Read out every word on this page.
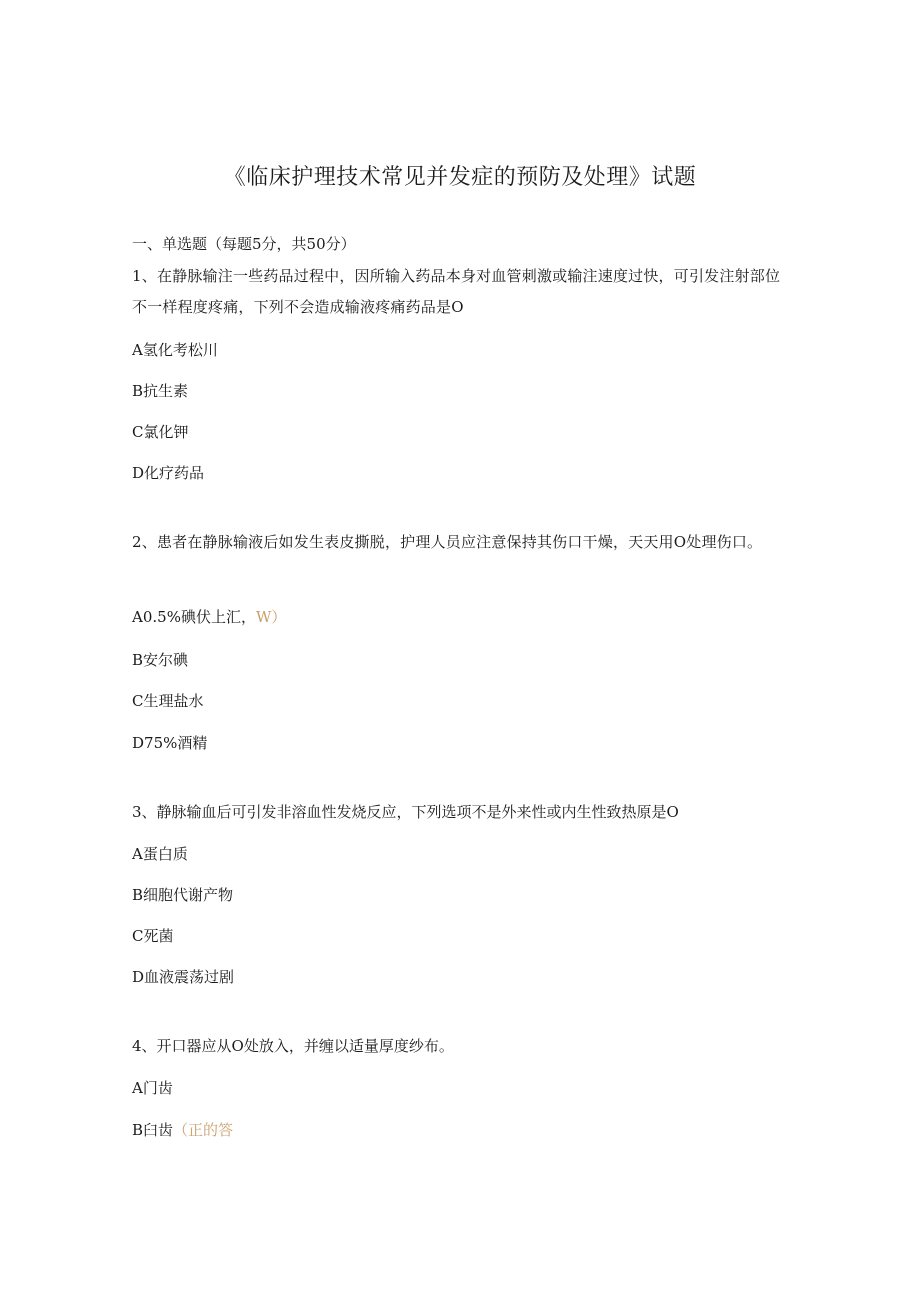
《临床护理技术常见并发症的预防及处理》试题
一、单选题（每题5分，共50分）
1、在静脉输注一些药品过程中，因所输入药品本身对血管刺激或输注速度过快，可引发注射部位不一样程度疼痛，下列不会造成输液疼痛药品是O
A氢化考松川
B抗生素
C氯化钾
D化疗药品
2、患者在静脉输液后如发生表皮撕脱，护理人员应注意保持其伤口干燥，天天用O处理伤口。
A0.5%碘伏上汇，W）
B安尔碘
C生理盐水
D75%酒精
3、静脉输血后可引发非溶血性发烧反应，下列选项不是外来性或内生性致热原是O
A蛋白质
B细胞代谢产物
C死菌
D血液震荡过剧
4、开口器应从O处放入，并缠以适量厚度纱布。
A门齿
B臼齿（正的答
